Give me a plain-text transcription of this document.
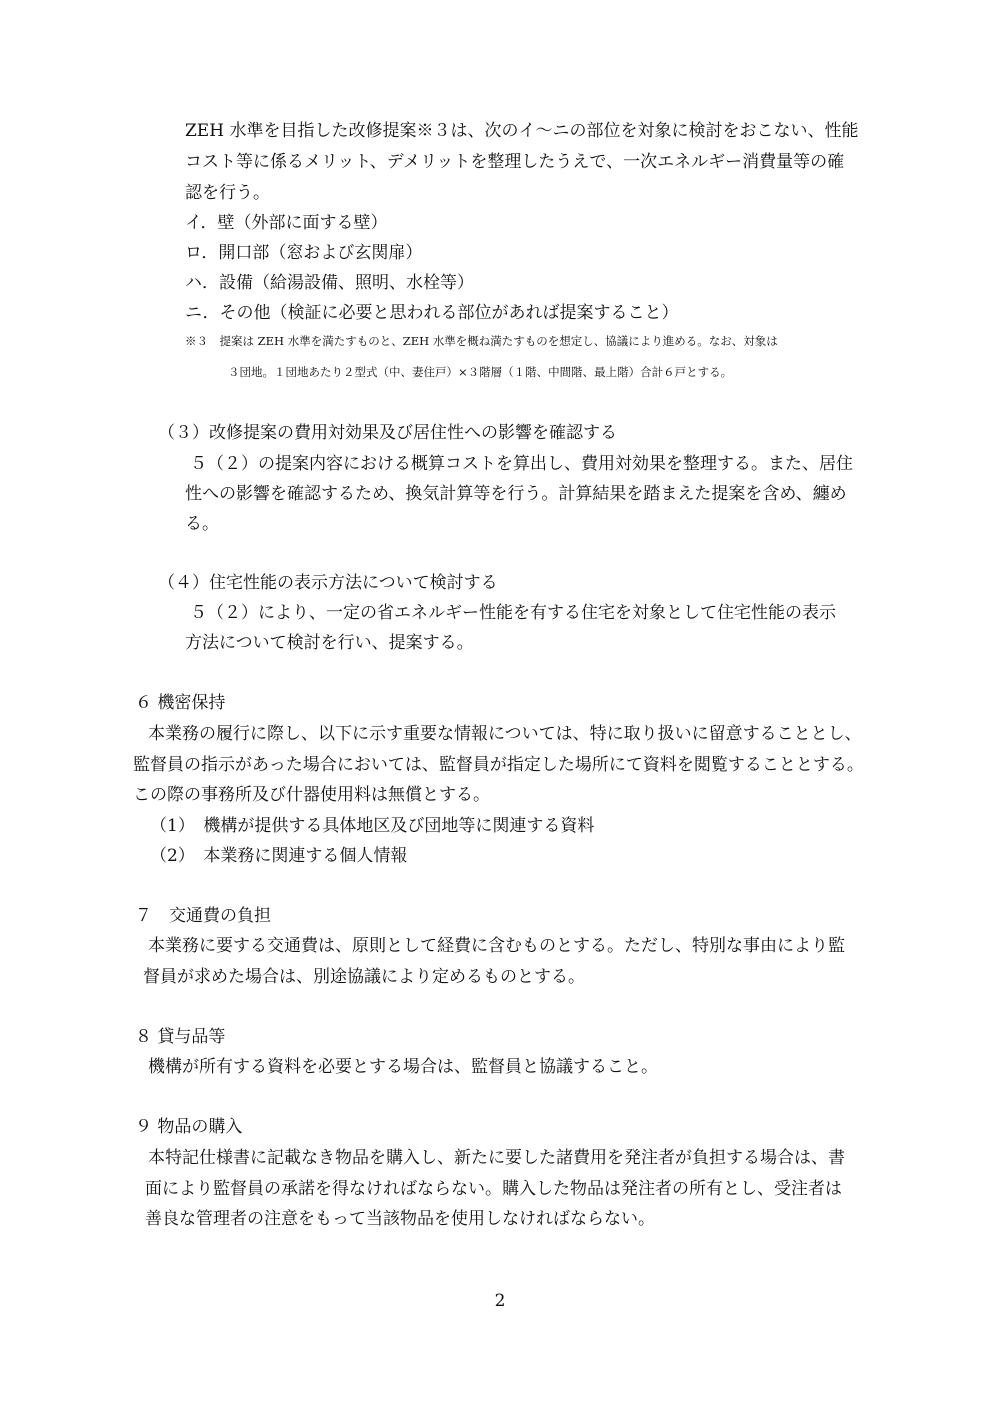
ZEH 水準を目指した改修提案※３は、次のイ〜ニの部位を対象に検討をおこない、性能
コスト等に係るメリット、デメリットを整理したうえで、一次エネルギー消費量等の確
認を行う。
イ．壁（外部に面する壁）
ロ．開口部（窓および玄関扉）
ハ．設備（給湯設備、照明、水栓等）
ニ．その他（検証に必要と思われる部位があれば提案すること）
※３　提案は ZEH 水準を満たすものと、ZEH 水準を概ね満たすものを想定し、協議により進める。なお、対象は
３団地。１団地あたり２型式（中、妻住戸）×３階層（１階、中間階、最上階）合計６戸とする。
（３）改修提案の費用対効果及び居住性への影響を確認する
５（２）の提案内容における概算コストを算出し、費用対効果を整理する。また、居住
性への影響を確認するため、換気計算等を行う。計算結果を踏まえた提案を含め、纏め
る。
（４）住宅性能の表示方法について検討する
５（２）により、一定の省エネルギー性能を有する住宅を対象として住宅性能の表示
方法について検討を行い、提案する。
６ 機密保持
本業務の履行に際し、以下に示す重要な情報については、特に取り扱いに留意することとし、
監督員の指示があった場合においては、監督員が指定した場所にて資料を閲覧することとする。
この際の事務所及び什器使用料は無償とする。
（1）　機構が提供する具体地区及び団地等に関連する資料
（2）　本業務に関連する個人情報
７　交通費の負担
本業務に要する交通費は、原則として経費に含むものとする。ただし、特別な事由により監
督員が求めた場合は、別途協議により定めるものとする。
８ 貸与品等
機構が所有する資料を必要とする場合は、監督員と協議すること。
９ 物品の購入
本特記仕様書に記載なき物品を購入し、新たに要した諸費用を発注者が負担する場合は、書
面により監督員の承諾を得なければならない。購入した物品は発注者の所有とし、受注者は
善良な管理者の注意をもって当該物品を使用しなければならない。
2
